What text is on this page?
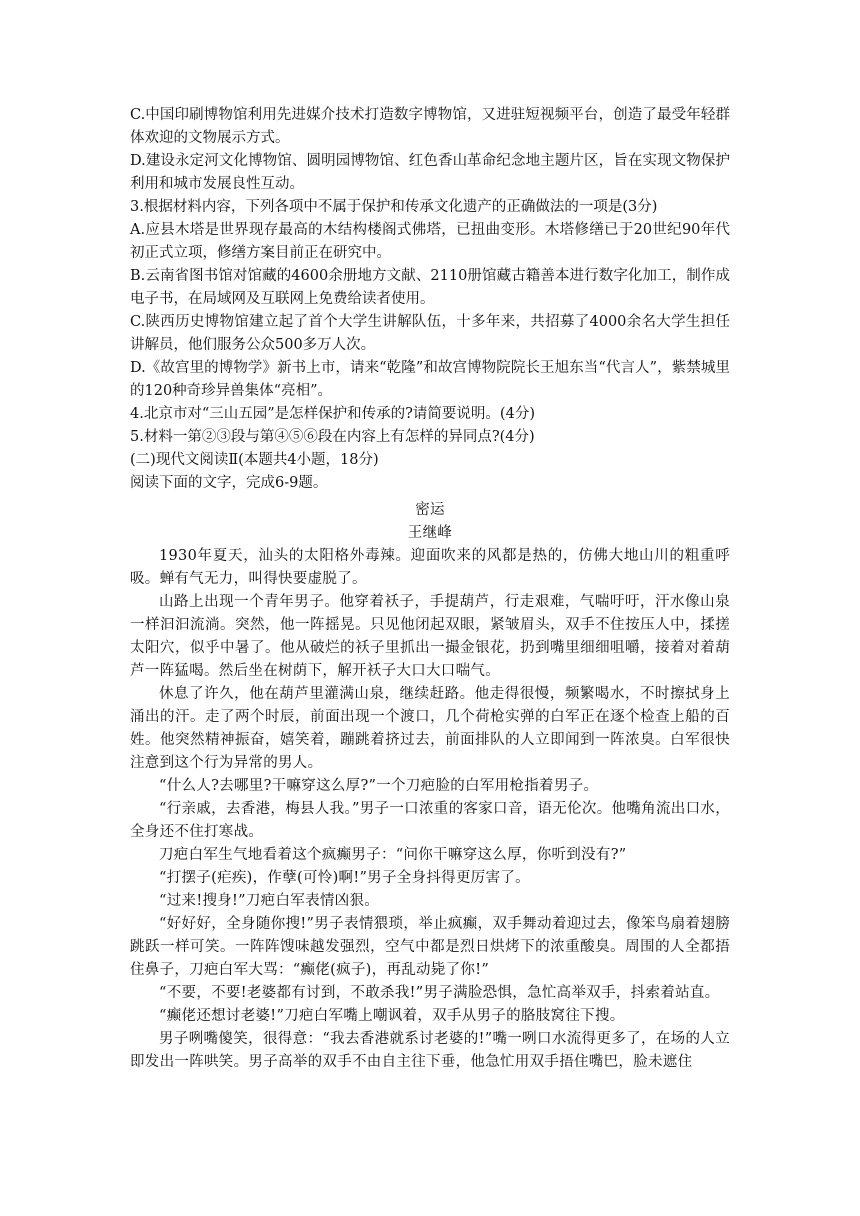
C.中国印刷博物馆利用先进媒介技术打造数字博物馆，又进驻短视频平台，创造了最受年轻群体欢迎的文物展示方式。

D.建设永定河文化博物馆、圆明园博物馆、红色香山革命纪念地主题片区，旨在实现文物保护利用和城市发展良性互动。

3.根据材料内容，下列各项中不属于保护和传承文化遗产的正确做法的一项是(3分)

A.应县木塔是世界现存最高的木结构楼阁式佛塔，已扭曲变形。木塔修缮已于20世纪90年代初正式立项，修缮方案目前正在研究中。

B.云南省图书馆对馆藏的4600余册地方文献、2110册馆藏古籍善本进行数字化加工，制作成电子书，在局域网及互联网上免费给读者使用。

C.陕西历史博物馆建立起了首个大学生讲解队伍，十多年来，共招募了4000余名大学生担任讲解员，他们服务公众500多万人次。

D.《故宫里的博物学》新书上市，请来“乾隆”和故宫博物院院长王旭东当“代言人”，紫禁城里的120种奇珍异兽集体“亮相”。

4.北京市对“三山五园”是怎样保护和传承的?请简要说明。(4分)

5.材料一第②③段与第④⑤⑥段在内容上有怎样的异同点?(4分)

(二)现代文阅读Ⅱ(本题共4小题，18分)

阅读下面的文字，完成6-9题。

密运

王继峰

1930年夏天，汕头的太阳格外毒辣。迎面吹来的风都是热的，仿佛大地山川的粗重呼吸。蝉有气无力，叫得快要虚脱了。

山路上出现一个青年男子。他穿着袄子，手提葫芦，行走艰难，气喘吁吁，汗水像山泉一样汩汩流淌。突然，他一阵摇晃。只见他闭起双眼，紧皱眉头，双手不住按压人中，揉搓太阳穴，似乎中暑了。他从破烂的袄子里抓出一撮金银花，扔到嘴里细细咀嚼，接着对着葫芦一阵猛喝。然后坐在树荫下，解开袄子大口大口喘气。

休息了许久，他在葫芦里灌满山泉，继续赶路。他走得很慢，频繁喝水，不时擦拭身上涌出的汗。走了两个时辰，前面出现一个渡口，几个荷枪实弹的白军正在逐个检查上船的百姓。他突然精神振奋，嬉笑着，蹦跳着挤过去，前面排队的人立即闻到一阵浓臭。白军很快注意到这个行为异常的男人。

“什么人?去哪里?干嘛穿这么厚?”一个刀疤脸的白军用枪指着男子。

“行亲戚，去香港，梅县人我。”男子一口浓重的客家口音，语无伦次。他嘴角流出口水，全身还不住打寒战。

刀疤白军生气地看着这个疯癫男子：“问你干嘛穿这么厚，你听到没有?”

“打摆子(疟疾)，作孽(可怜)啊!”男子全身抖得更厉害了。

“过来!搜身!”刀疤白军表情凶狠。

“好好好，全身随你搜!”男子表情猥琐，举止疯癫，双手舞动着迎过去，像笨鸟扇着翅膀跳跃一样可笑。一阵阵馊味越发强烈，空气中都是烈日烘烤下的浓重酸臭。周围的人全都捂住鼻子，刀疤白军大骂：“癫佬(疯子)，再乱动毙了你!”

“不要，不要!老婆都有讨到，不敢杀我!”男子满脸恐惧，急忙高举双手，抖索着站直。

“癫佬还想讨老婆!”刀疤白军嘴上嘲讽着，双手从男子的胳肢窝往下搜。

男子咧嘴傻笑，很得意：“我去香港就系讨老婆的!”嘴一咧口水流得更多了，在场的人立即发出一阵哄笑。男子高举的双手不由自主往下垂，他急忙用双手捂住嘴巴，脸未遮住
